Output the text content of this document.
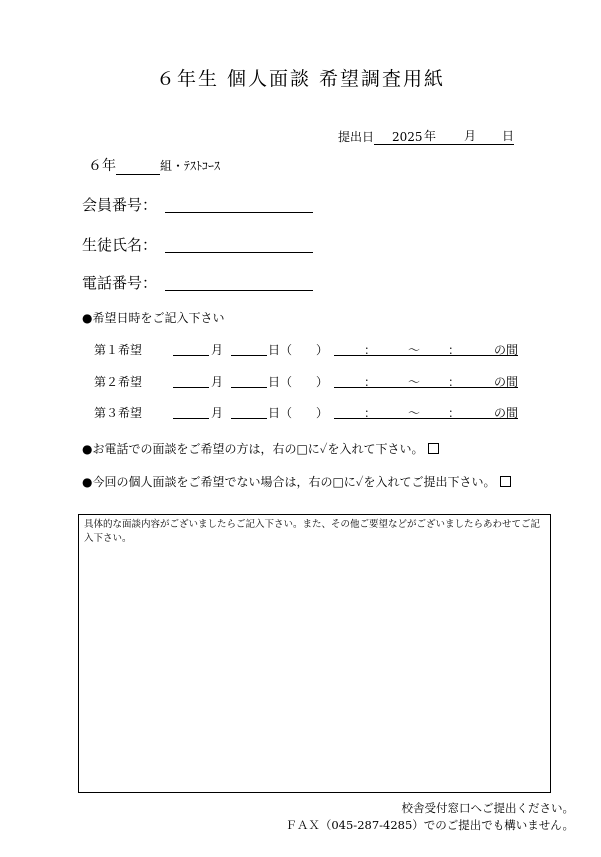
６年生 個人面談 希望調査用紙
提出日 2025 年 月 日
６年	組・ﾃｽﾄｺｰｽ
会員番号：
生徒氏名：
電話番号：
●希望日時をご記入下さい
第１希望	月	日（ ）	：	～ ：	の間
第２希望	月	日（ ）	：	～ ：	の間
第３希望	月	日（ ）	：	～ ：	の間
●お電話での面談をご希望の方は，右の□に✓を入れて下さい。
●今回の個人面談をご希望でない場合は，右の□に✓を入れてご提出下さい。
具体的な面談内容がございましたらご記入下さい。また、その他ご要望などがございましたらあわせてご記入下さい。
校舎受付窓口へご提出ください。
ＦＡＸ（045-287-4285）でのご提出でも構いません。
